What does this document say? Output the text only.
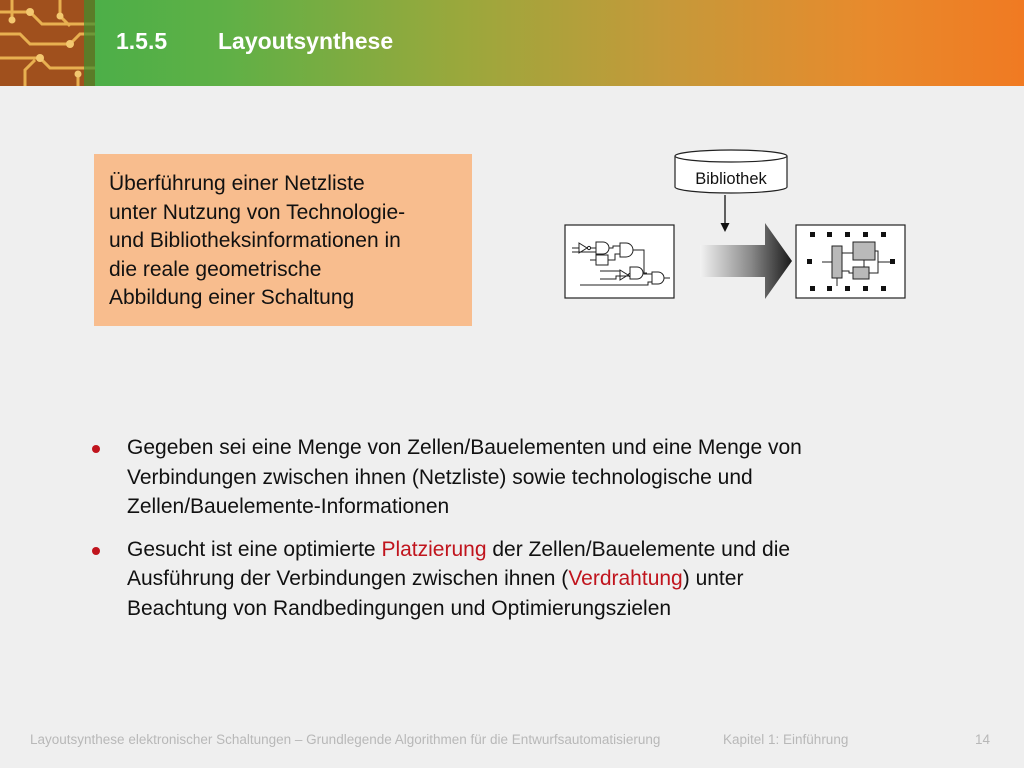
1.5.5 Layoutsynthese
Überführung einer Netzliste
unter Nutzung von Technologie-
und Bibliotheksinformationen in
die reale geometrische
Abbildung einer Schaltung
Bibliothek
Gegeben sei eine Menge von Zellen/Bauelementen und eine Menge von
Verbindungen zwischen ihnen (Netzliste) sowie technologische und
Zellen/Bauelemente-Informationen
Gesucht ist eine optimierte Platzierung der Zellen/Bauelemente und die
Ausführung der Verbindungen zwischen ihnen (Verdrahtung) unter
Beachtung von Randbedingungen und Optimierungszielen
Layoutsynthese elektronischer Schaltungen – Grundlegende Algorithmen für die Entwurfsautomatisierung	Kapitel 1: Einführung	14
